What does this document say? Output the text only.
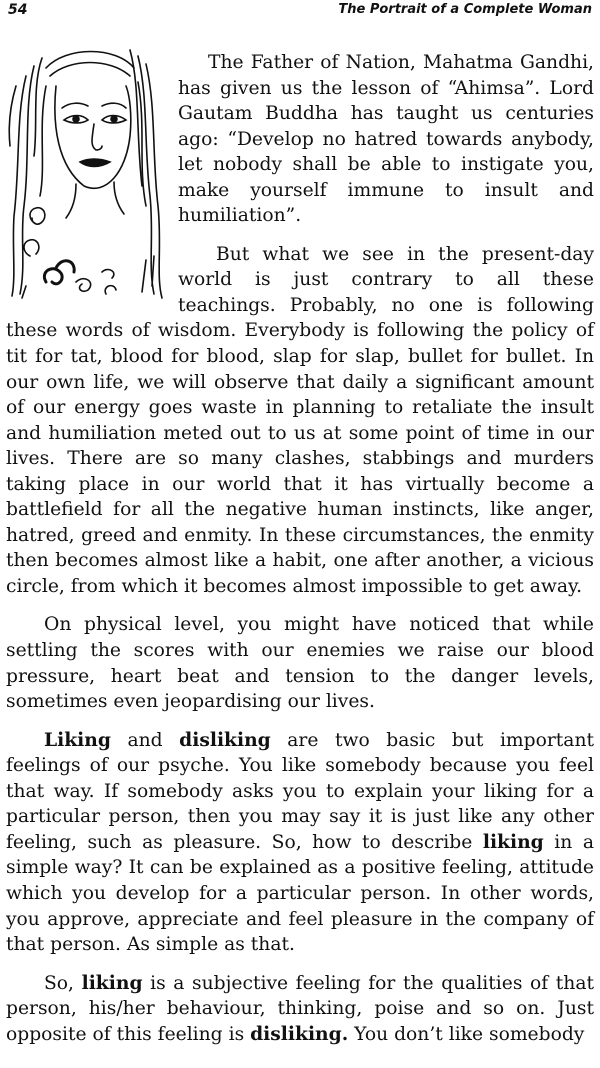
54	The Portrait of a Complete Woman

The Father of Nation, Mahatma Gandhi, has given us the lesson of “Ahimsa”. Lord Gautam Buddha has taught us centuries ago: “Develop no hatred towards anybody, let nobody shall be able to instigate you, make yourself immune to insult and humiliation”.

But what we see in the present-day world is just contrary to all these teachings. Probably, no one is following these words of wisdom. Everybody is following the policy of tit for tat, blood for blood, slap for slap, bullet for bullet. In our own life, we will observe that daily a significant amount of our energy goes waste in planning to retaliate the insult and humiliation meted out to us at some point of time in our lives. There are so many clashes, stabbings and murders taking place in our world that it has virtually become a battlefield for all the negative human instincts, like anger, hatred, greed and enmity. In these circumstances, the enmity then becomes almost like a habit, one after another, a vicious circle, from which it becomes almost impossible to get away.

On physical level, you might have noticed that while settling the scores with our enemies we raise our blood pressure, heart beat and tension to the danger levels, sometimes even jeopardising our lives.

Liking and disliking are two basic but important feelings of our psyche. You like somebody because you feel that way. If somebody asks you to explain your liking for a particular person, then you may say it is just like any other feeling, such as pleasure. So, how to describe liking in a simple way? It can be explained as a positive feeling, attitude which you develop for a particular person. In other words, you approve, appreciate and feel pleasure in the company of that person. As simple as that.

So, liking is a subjective feeling for the qualities of that person, his/her behaviour, thinking, poise and so on. Just opposite of this feeling is disliking. You don’t like somebody
